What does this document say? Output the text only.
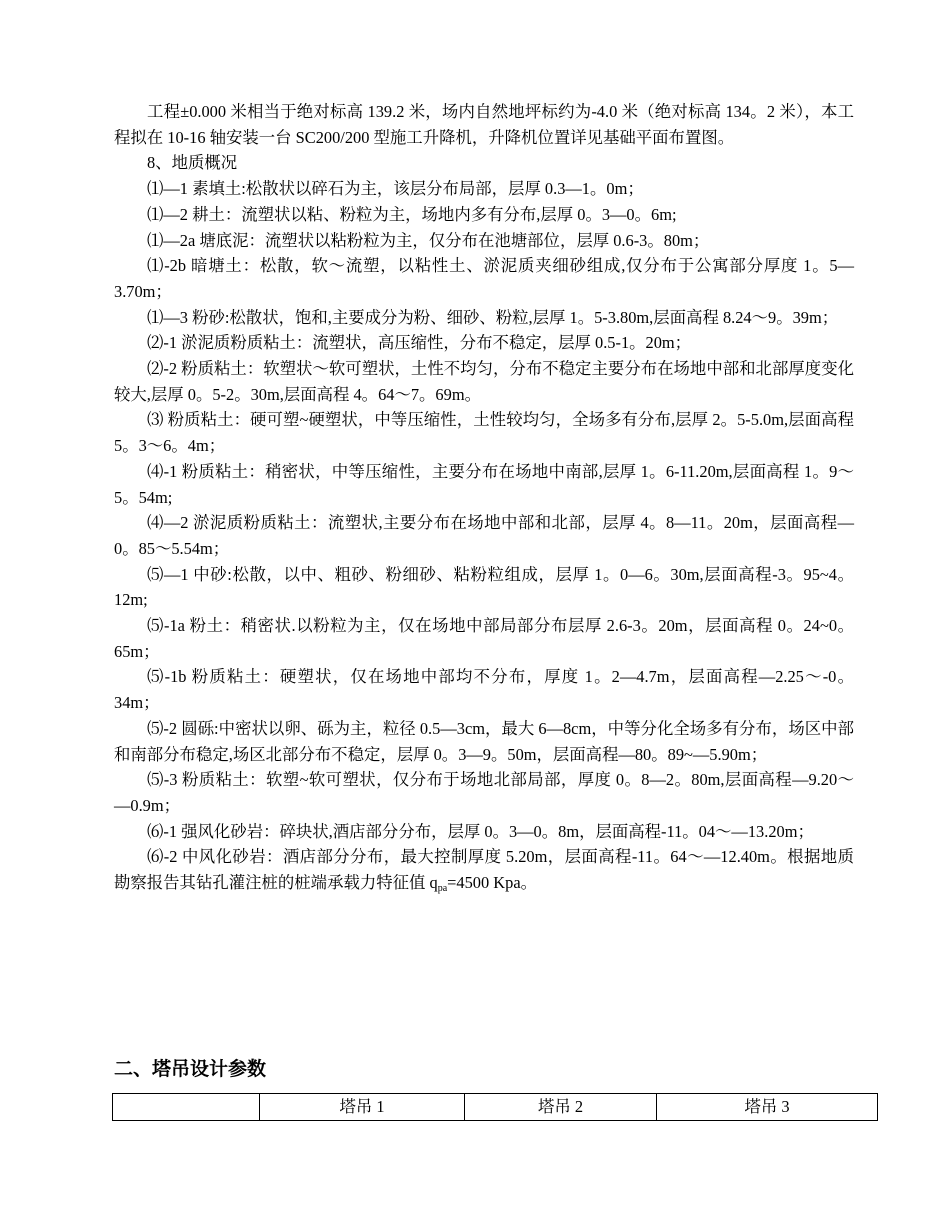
工程±0.000 米相当于绝对标高 139.2 米，场内自然地坪标约为-4.0 米（绝对标高 134。2 米），本工程拟在 10-16 轴安装一台 SC200/200 型施工升降机，升降机位置详见基础平面布置图。

8、地质概况

⑴—1 素填土:松散状以碎石为主，该层分布局部，层厚 0.3—1。0m；

⑴—2 耕土：流塑状以粘、粉粒为主，场地内多有分布,层厚 0。3—0。6m;

⑴—2a 塘底泥：流塑状以粘粉粒为主，仅分布在池塘部位，层厚 0.6-3。80m；

⑴-2b 暗塘土：松散，软～流塑，以粘性土、淤泥质夹细砂组成,仅分布于公寓部分厚度 1。5—3.70m；

⑴—3 粉砂:松散状，饱和,主要成分为粉、细砂、粉粒,层厚 1。5-3.80m,层面高程 8.24～9。39m；

⑵-1 淤泥质粉质粘土：流塑状，高压缩性，分布不稳定，层厚 0.5-1。20m；

⑵-2 粉质粘土：软塑状～软可塑状，土性不均匀，分布不稳定主要分布在场地中部和北部厚度变化较大,层厚 0。5-2。30m,层面高程 4。64～7。69m。

⑶ 粉质粘土：硬可塑~硬塑状，中等压缩性，土性较均匀，全场多有分布,层厚 2。5-5.0m,层面高程 5。3～6。4m；

⑷-1 粉质粘土：稍密状，中等压缩性，主要分布在场地中南部,层厚 1。6-11.20m,层面高程 1。9～5。54m;

⑷—2 淤泥质粉质粘土：流塑状,主要分布在场地中部和北部，层厚 4。8—11。20m，层面高程—0。85～5.54m；

⑸—1 中砂:松散，以中、粗砂、粉细砂、粘粉粒组成，层厚 1。0—6。30m,层面高程-3。95~4。12m;

⑸-1a 粉土：稍密状.以粉粒为主，仅在场地中部局部分布层厚 2.6-3。20m，层面高程 0。24~0。65m；

⑸-1b 粉质粘土：硬塑状，仅在场地中部均不分布，厚度 1。2—4.7m，层面高程—2.25～-0。34m；

⑸-2 圆砾:中密状以卵、砾为主，粒径 0.5—3cm，最大 6—8cm，中等分化全场多有分布，场区中部和南部分布稳定,场区北部分布不稳定，层厚 0。3—9。50m，层面高程—80。89~—5.90m；

⑸-3 粉质粘土：软塑~软可塑状，仅分布于场地北部局部，厚度 0。8—2。80m,层面高程—9.20～—0.9m；

⑹-1 强风化砂岩：碎块状,酒店部分分布，层厚 0。3—0。8m，层面高程-11。04～—13.20m；

⑹-2 中风化砂岩：酒店部分分布，最大控制厚度 5.20m，层面高程-11。64～—12.40m。根据地质勘察报告其钻孔灌注桩的桩端承载力特征值 $q_{pa}=4500$ Kpa。

二、塔吊设计参数
	塔吊 1	塔吊 2	塔吊 3
